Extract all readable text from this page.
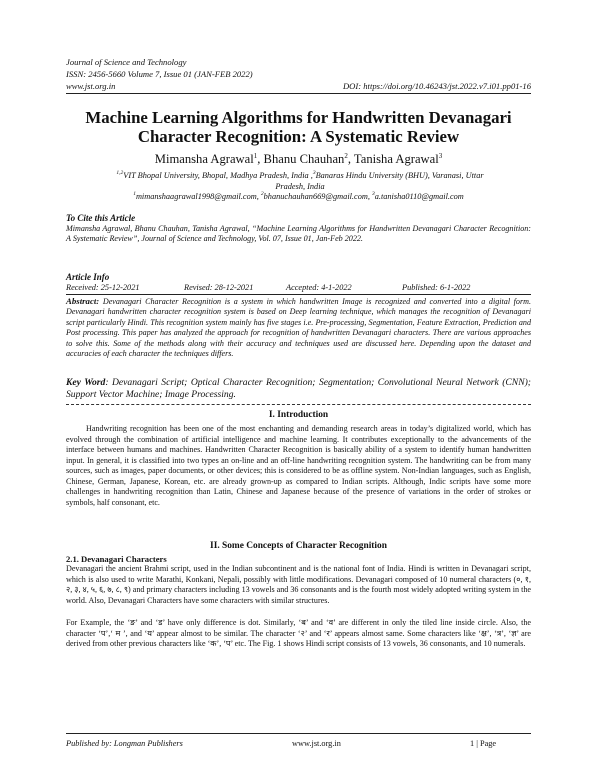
Journal of Science and Technology
ISSN: 2456-5660 Volume 7, Issue 01 (JAN-FEB 2022)
www.jst.org.in	DOI: https://doi.org/10.46243/jst.2022.v7.i01.pp01-16
Machine Learning Algorithms for Handwritten Devanagari
Character Recognition: A Systematic Review
Mimansha Agrawal$^1$, Bhanu Chauhan$^2$, Tanisha Agrawal$^3$
$^{1,2}$VIT Bhopal University, Bhopal, Madhya Pradesh, India ,$^3$Banaras Hindu University (BHU), Varanasi, Uttar
Pradesh, India
$^1$mimanshaagrawal1998@gmail.com, $^2$bhanuchauhan669@gmail.com, $^3$a.tanisha0110@gmail.com
To Cite this Article
Mimansha Agrawal, Bhanu Chauhan, Tanisha Agrawal, “Machine Learning Algorithms for Handwritten Devanagari Character Recognition: A Systematic Review”, Journal of Science and Technology, Vol. 07, Issue 01, Jan-Feb 2022.
Article Info
Received: 25-12-2021	Revised: 28-12-2021	Accepted: 4-1-2022	Published: 6-1-2022
Abstract: Devanagari Character Recognition is a system in which handwritten Image is recognized and converted into a digital form. Devanagari handwritten character recognition system is based on Deep learning technique, which manages the recognition of Devanagari script particularly Hindi. This recognition system mainly has five stages i.e. Pre-processing, Segmentation, Feature Extraction, Prediction and Post processing. This paper has analyzed the approach for recognition of handwritten Devanagari characters. There are various approaches to solve this. Some of the methods along with their accuracy and techniques used are discussed here. Depending upon the dataset and accuracies of each character the techniques differs.
Key Word: Devanagari Script; Optical Character Recognition; Segmentation; Convolutional Neural Network (CNN); Support Vector Machine; Image Processing.
I. Introduction
Handwriting recognition has been one of the most enchanting and demanding research areas in today’s digitalized world, which has evolved through the combination of artificial intelligence and machine learning. It contributes exceptionally to the advancements of the interface between humans and machines. Handwritten Character Recognition is basically ability of a system to identify human handwritten input. In general, it is classified into two types an on-line and an off-line handwriting recognition system. The handwriting can be from many sources, such as images, paper documents, or other devices; this is considered to be as offline system. Non-Indian languages, such as English, Chinese, German, Japanese, Korean, etc. are already grown-up as compared to Indian scripts. Although, Indic scripts have some more challenges in handwriting recognition than Latin, Chinese and Japanese because of the presence of variations in the order of strokes or symbols, half consonant, etc.
II. Some Concepts of Character Recognition
2.1. Devanagari Characters
Devanagari the ancient Brahmi script, used in the Indian subcontinent and is the national font of India. Hindi is written in Devanagari script, which is also used to write Marathi, Konkani, Nepali, possibly with little modifications. Devanagari composed of 10 numeral characters (०, १, २, ३, ४, ५, ६, ७, ८, ९) and primary characters including 13 vowels and 36 consonants and is the fourth most widely adopted writing system in the world. Also, Devanagari Characters have some characters with similar structures.
For Example, the ‘ङ’ and ‘ड’ have only difference is dot. Similarly, ‘ब’ and ‘व’ are different in only the tiled line inside circle. Also, the character ‘प’,‘ म ’, and ‘य’ appear almost to be similar. The character ‘२’ and ‘र’ appears almost same. Some characters like ‘क्ष’, ‘त्र’, ‘ज्ञ’ are derived from other previous characters like ‘क’, ‘प’ etc. The Fig. 1 shows Hindi script consists of 13 vowels, 36 consonants, and 10 numerals.
Published by: Longman Publishers	www.jst.org.in	1 | Page
